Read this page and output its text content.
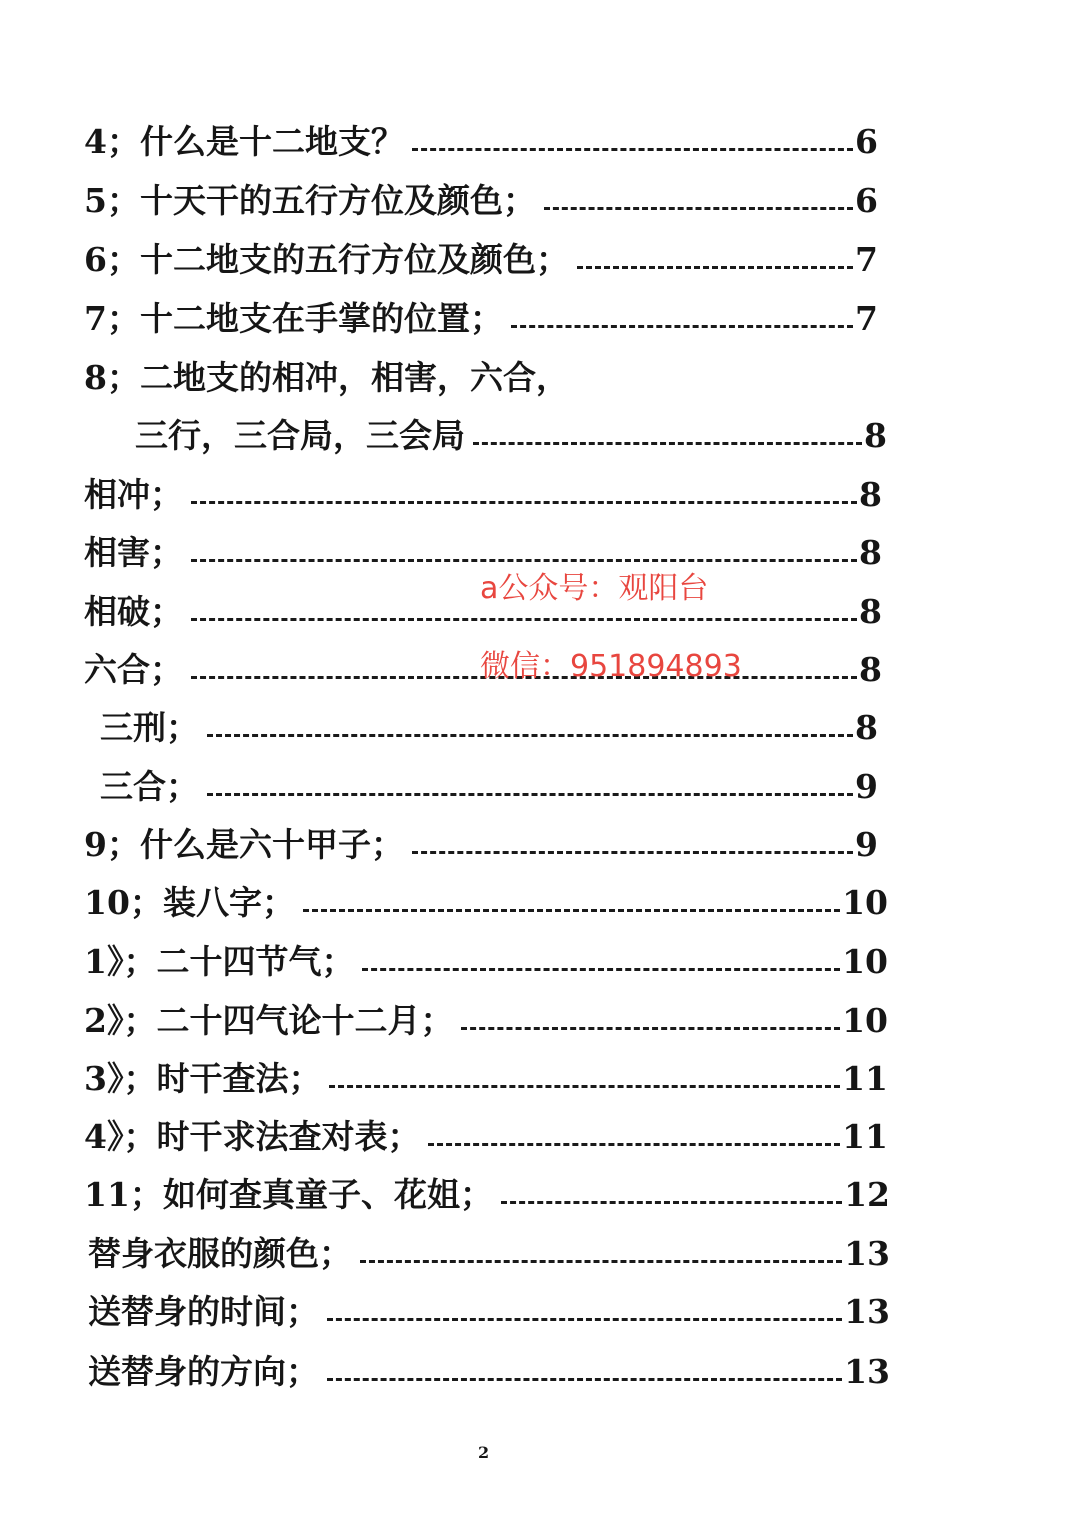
4； 什么是十二地支？	6
5； 十天干的五行方位及颜色；	6
6； 十二地支的五行方位及颜色；	7
7； 十二地支在手掌的位置；	7
8； 二地支的相冲，相害，六合，
三行，三合局，三会局	8
相冲；	8
相害；	8
相破；	8
六合；	8
三刑；	8
三合；	9
9； 什么是六十甲子；	9
10； 装八字；	10
1》； 二十四节气；	10
2》； 二十四气论十二月；	10
3》； 时干查法；	11
4》； 时干求法查对表；	11
11； 如何查真童子、花姐；	12
替身衣服的颜色；	13
送替身的时间；	13
送替身的方向；	13
a公众号：观阳台
微信：951894893
2
